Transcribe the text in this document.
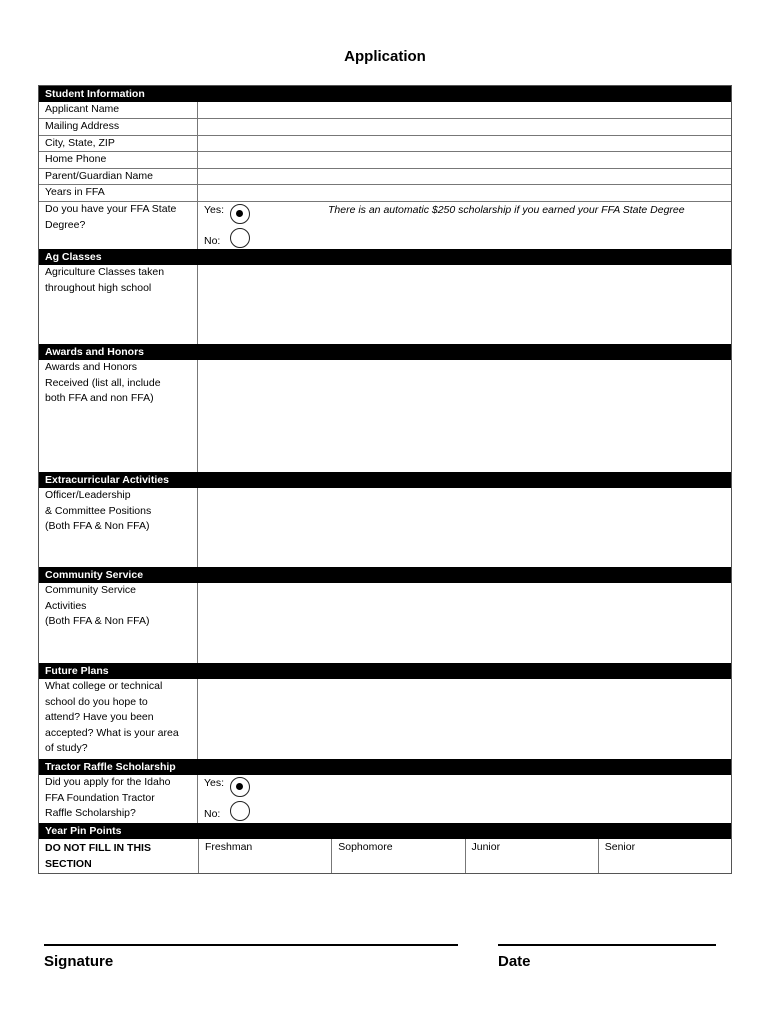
Application
Student Information
Applicant Name
Mailing Address
City, State, ZIP
Home Phone
Parent/Guardian Name
Years in FFA
Do you have your FFA State
Degree?
Yes:
No:
There is an automatic $250 scholarship if you earned your FFA State Degree
Ag Classes
Agriculture Classes taken
throughout high school
Awards and Honors
Awards and Honors
Received (list all, include
both FFA and non FFA)
Extracurricular Activities
Officer/Leadership
& Committee Positions
(Both FFA & Non FFA)
Community Service
Community Service
Activities
(Both FFA & Non FFA)
Future Plans
What college or technical
school do you hope to
attend? Have you been
accepted? What is your area
of study?
Tractor Raffle Scholarship
Did you apply for the Idaho
FFA Foundation Tractor
Raffle Scholarship?
Yes:
No:
Year Pin Points
DO NOT FILL IN THIS
SECTION
Freshman	Sophomore	Junior	Senior
Signature	Date
